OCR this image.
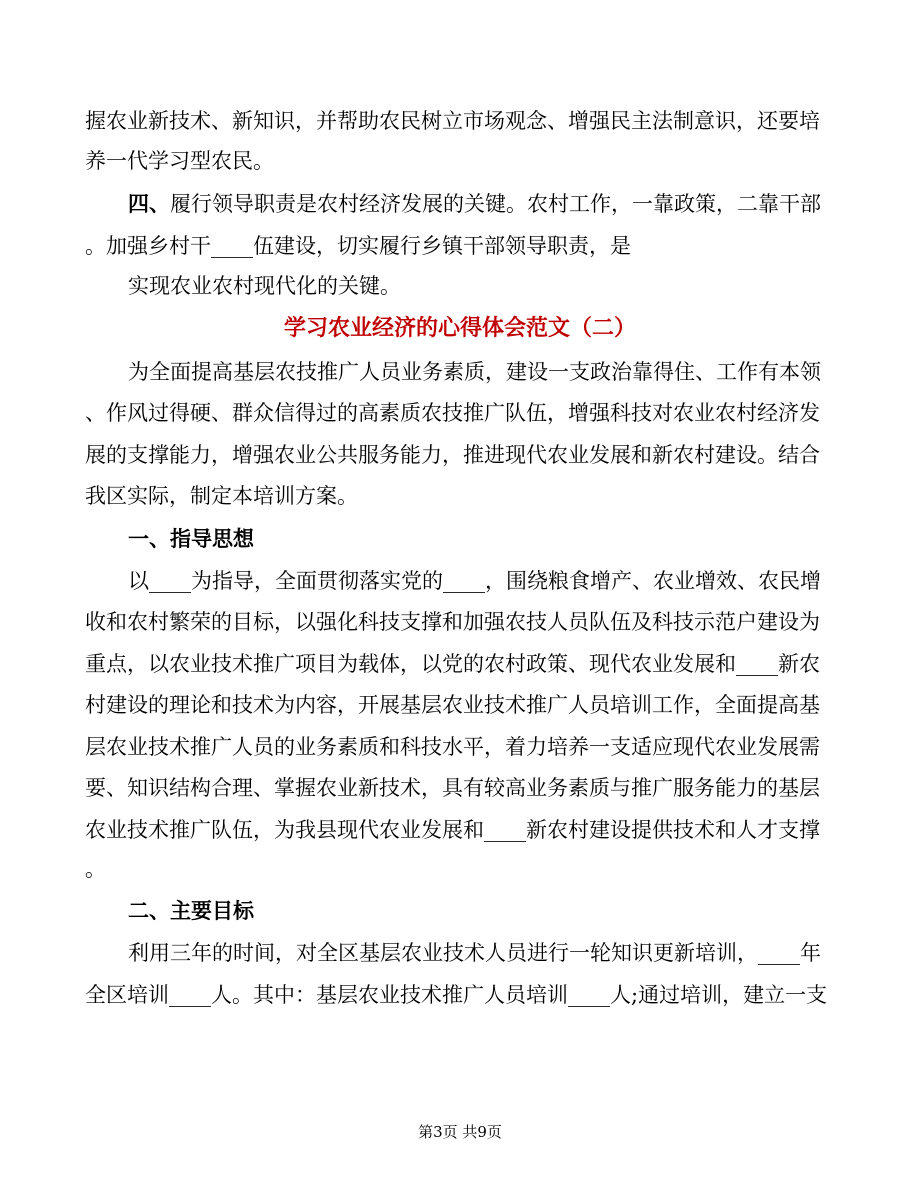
握农业新技术、新知识，并帮助农民树立市场观念、增强民主法制意识，还要培
养一代学习型农民。
四、履行领导职责是农村经济发展的关键。农村工作，一靠政策，二靠干部
。加强乡村干____伍建设，切实履行乡镇干部领导职责，是
实现农业农村现代化的关键。
学习农业经济的心得体会范文（二）
为全面提高基层农技推广人员业务素质，建设一支政治靠得住、工作有本领
、作风过得硬、群众信得过的高素质农技推广队伍，增强科技对农业农村经济发
展的支撑能力，增强农业公共服务能力，推进现代农业发展和新农村建设。结合
我区实际，制定本培训方案。
一、指导思想
以____为指导，全面贯彻落实党的____，围绕粮食增产、农业增效、农民增
收和农村繁荣的目标，以强化科技支撑和加强农技人员队伍及科技示范户建设为
重点，以农业技术推广项目为载体，以党的农村政策、现代农业发展和____新农
村建设的理论和技术为内容，开展基层农业技术推广人员培训工作，全面提高基
层农业技术推广人员的业务素质和科技水平，着力培养一支适应现代农业发展需
要、知识结构合理、掌握农业新技术，具有较高业务素质与推广服务能力的基层
农业技术推广队伍，为我县现代农业发展和____新农村建设提供技术和人才支撑
。
二、主要目标
利用三年的时间，对全区基层农业技术人员进行一轮知识更新培训，____年
全区培训____人。其中：基层农业技术推广人员培训____人;通过培训，建立一支
第3页 共9页
